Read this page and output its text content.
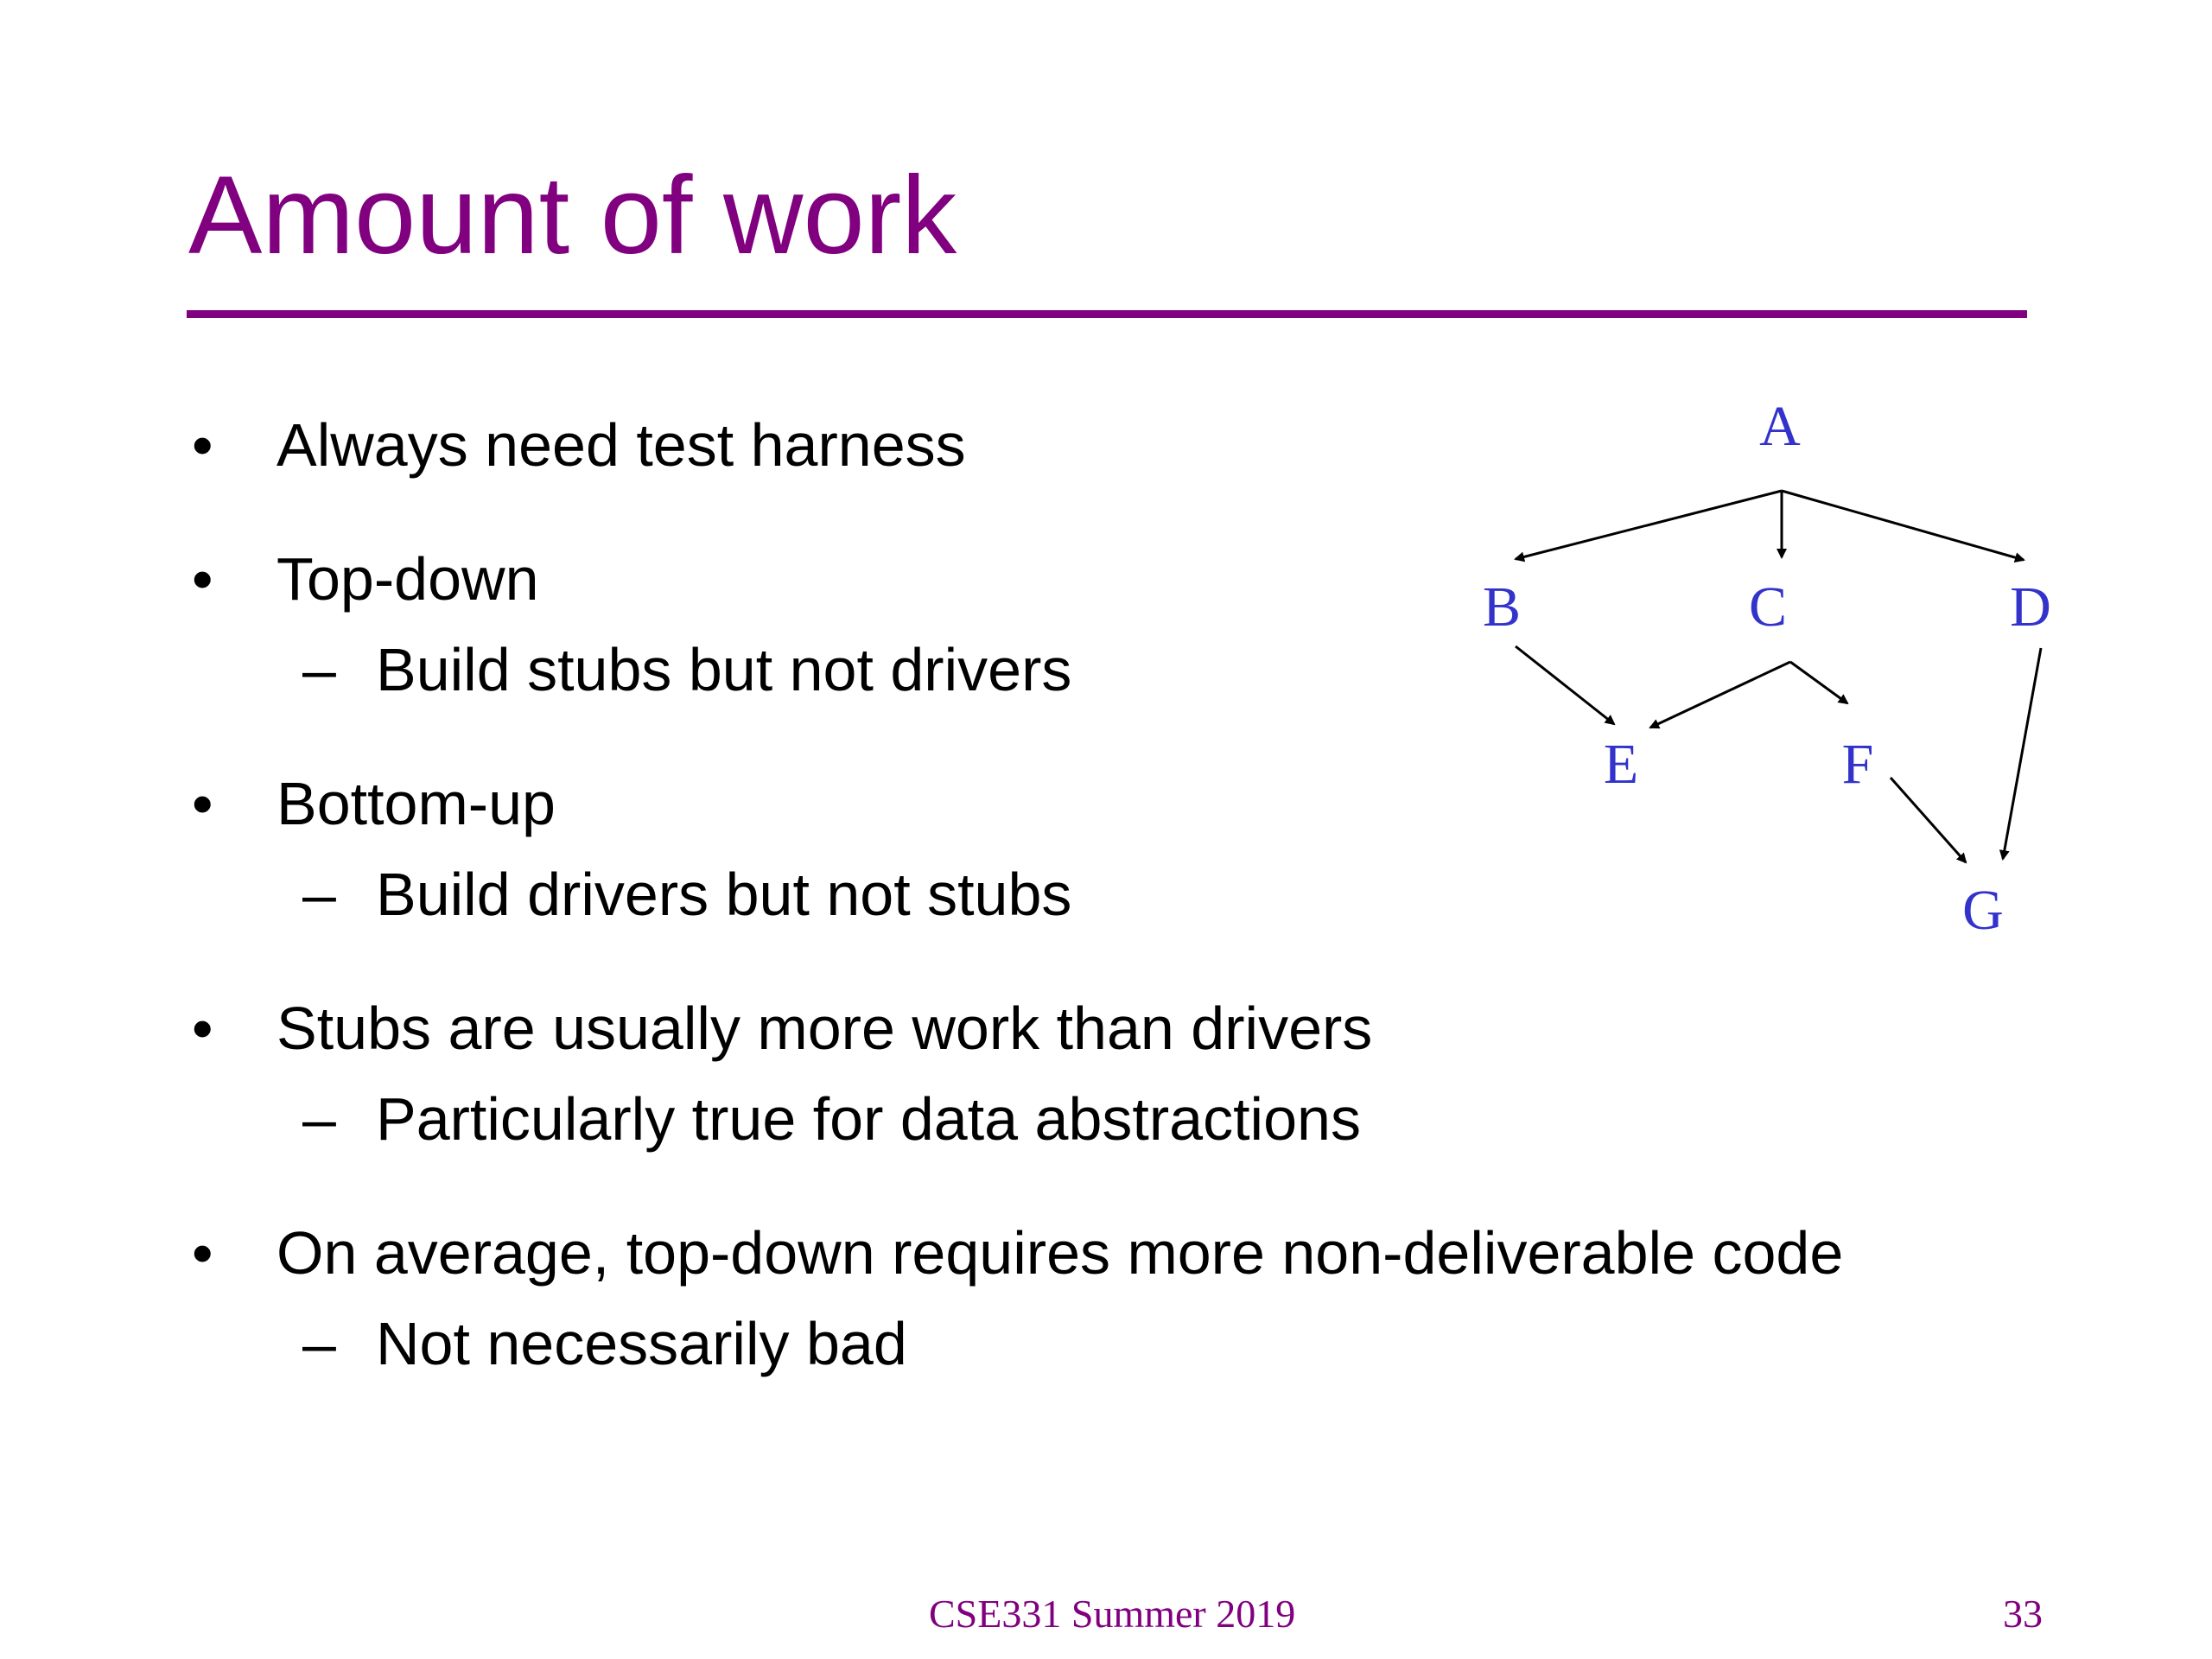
Amount of work
• Always need test harness
• Top-down
– Build stubs but not drivers
• Bottom-up
– Build drivers but not stubs
• Stubs are usually more work than drivers
– Particularly true for data abstractions
• On average, top-down requires more non-deliverable code
– Not necessarily bad
A
B	C	D
E	F
G
CSE331 Summer 2019	33
